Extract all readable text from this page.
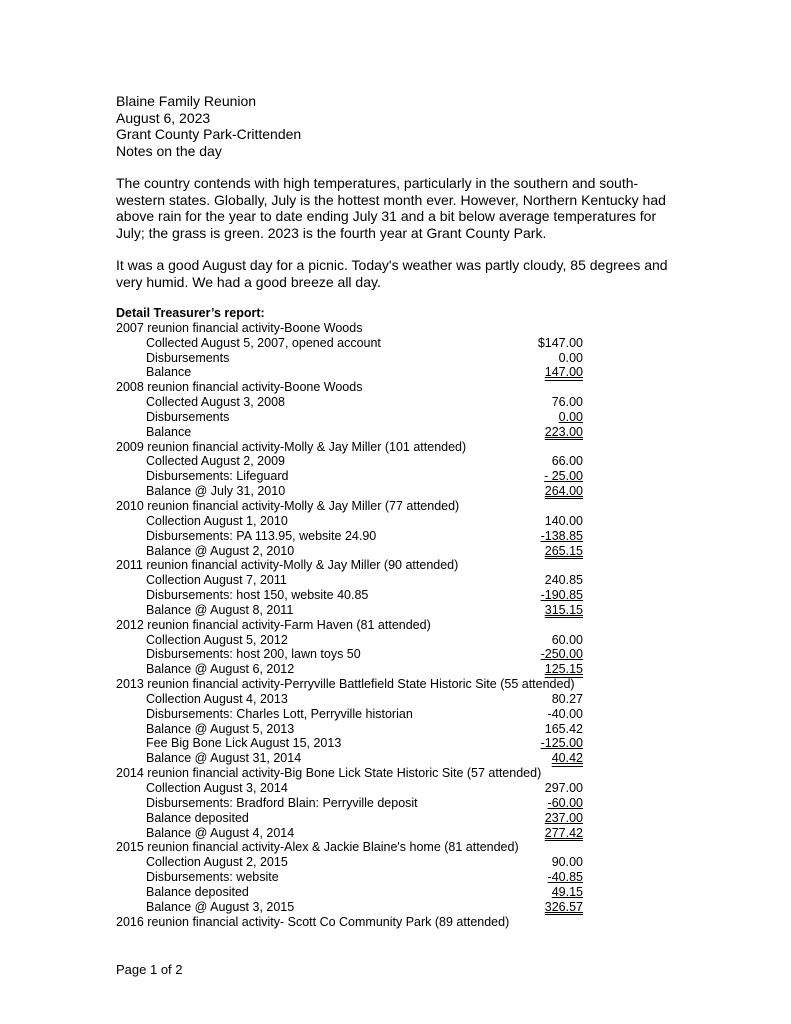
Blaine Family Reunion
August 6, 2023
Grant County Park-Crittenden
Notes on the day
The country contends with high temperatures, particularly in the southern and south-western states. Globally, July is the hottest month ever. However, Northern Kentucky had above rain for the year to date ending July 31 and a bit below average temperatures for July; the grass is green. 2023 is the fourth year at Grant County Park.
It was a good August day for a picnic. Today's weather was partly cloudy, 85 degrees and very humid. We had a good breeze all day.
Detail Treasurer’s report:
2007 reunion financial activity-Boone Woods
Collected August 5, 2007, opened account	$147.00
Disbursements	0.00
Balance	147.00
2008 reunion financial activity-Boone Woods
Collected August 3, 2008	76.00
Disbursements	0.00
Balance	223.00
2009 reunion financial activity-Molly & Jay Miller (101 attended)
Collected August 2, 2009	66.00
Disbursements: Lifeguard	- 25.00
Balance @ July 31, 2010	264.00
2010 reunion financial activity-Molly & Jay Miller (77 attended)
Collection August 1, 2010	140.00
Disbursements: PA 113.95, website 24.90	-138.85
Balance @ August 2, 2010	265.15
2011 reunion financial activity-Molly & Jay Miller (90 attended)
Collection August 7, 2011	240.85
Disbursements: host 150, website 40.85	-190.85
Balance @ August 8, 2011	315.15
2012 reunion financial activity-Farm Haven (81 attended)
Collection August 5, 2012	60.00
Disbursements: host 200, lawn toys 50	-250.00
Balance @ August 6, 2012	125.15
2013 reunion financial activity-Perryville Battlefield State Historic Site (55 attended)
Collection August 4, 2013	80.27
Disbursements: Charles Lott, Perryville historian	-40.00
Balance @ August 5, 2013	165.42
Fee Big Bone Lick August 15, 2013	-125.00
Balance @ August 31, 2014	40.42
2014 reunion financial activity-Big Bone Lick State Historic Site (57 attended)
Collection August 3, 2014	297.00
Disbursements: Bradford Blain: Perryville deposit	-60.00
Balance deposited	237.00
Balance @ August 4, 2014	277.42
2015 reunion financial activity-Alex & Jackie Blaine's home (81 attended)
Collection August 2, 2015	90.00
Disbursements: website	-40.85
Balance deposited	49.15
Balance @ August 3, 2015	326.57
2016 reunion financial activity- Scott Co Community Park (89 attended)
Page 1 of 2
